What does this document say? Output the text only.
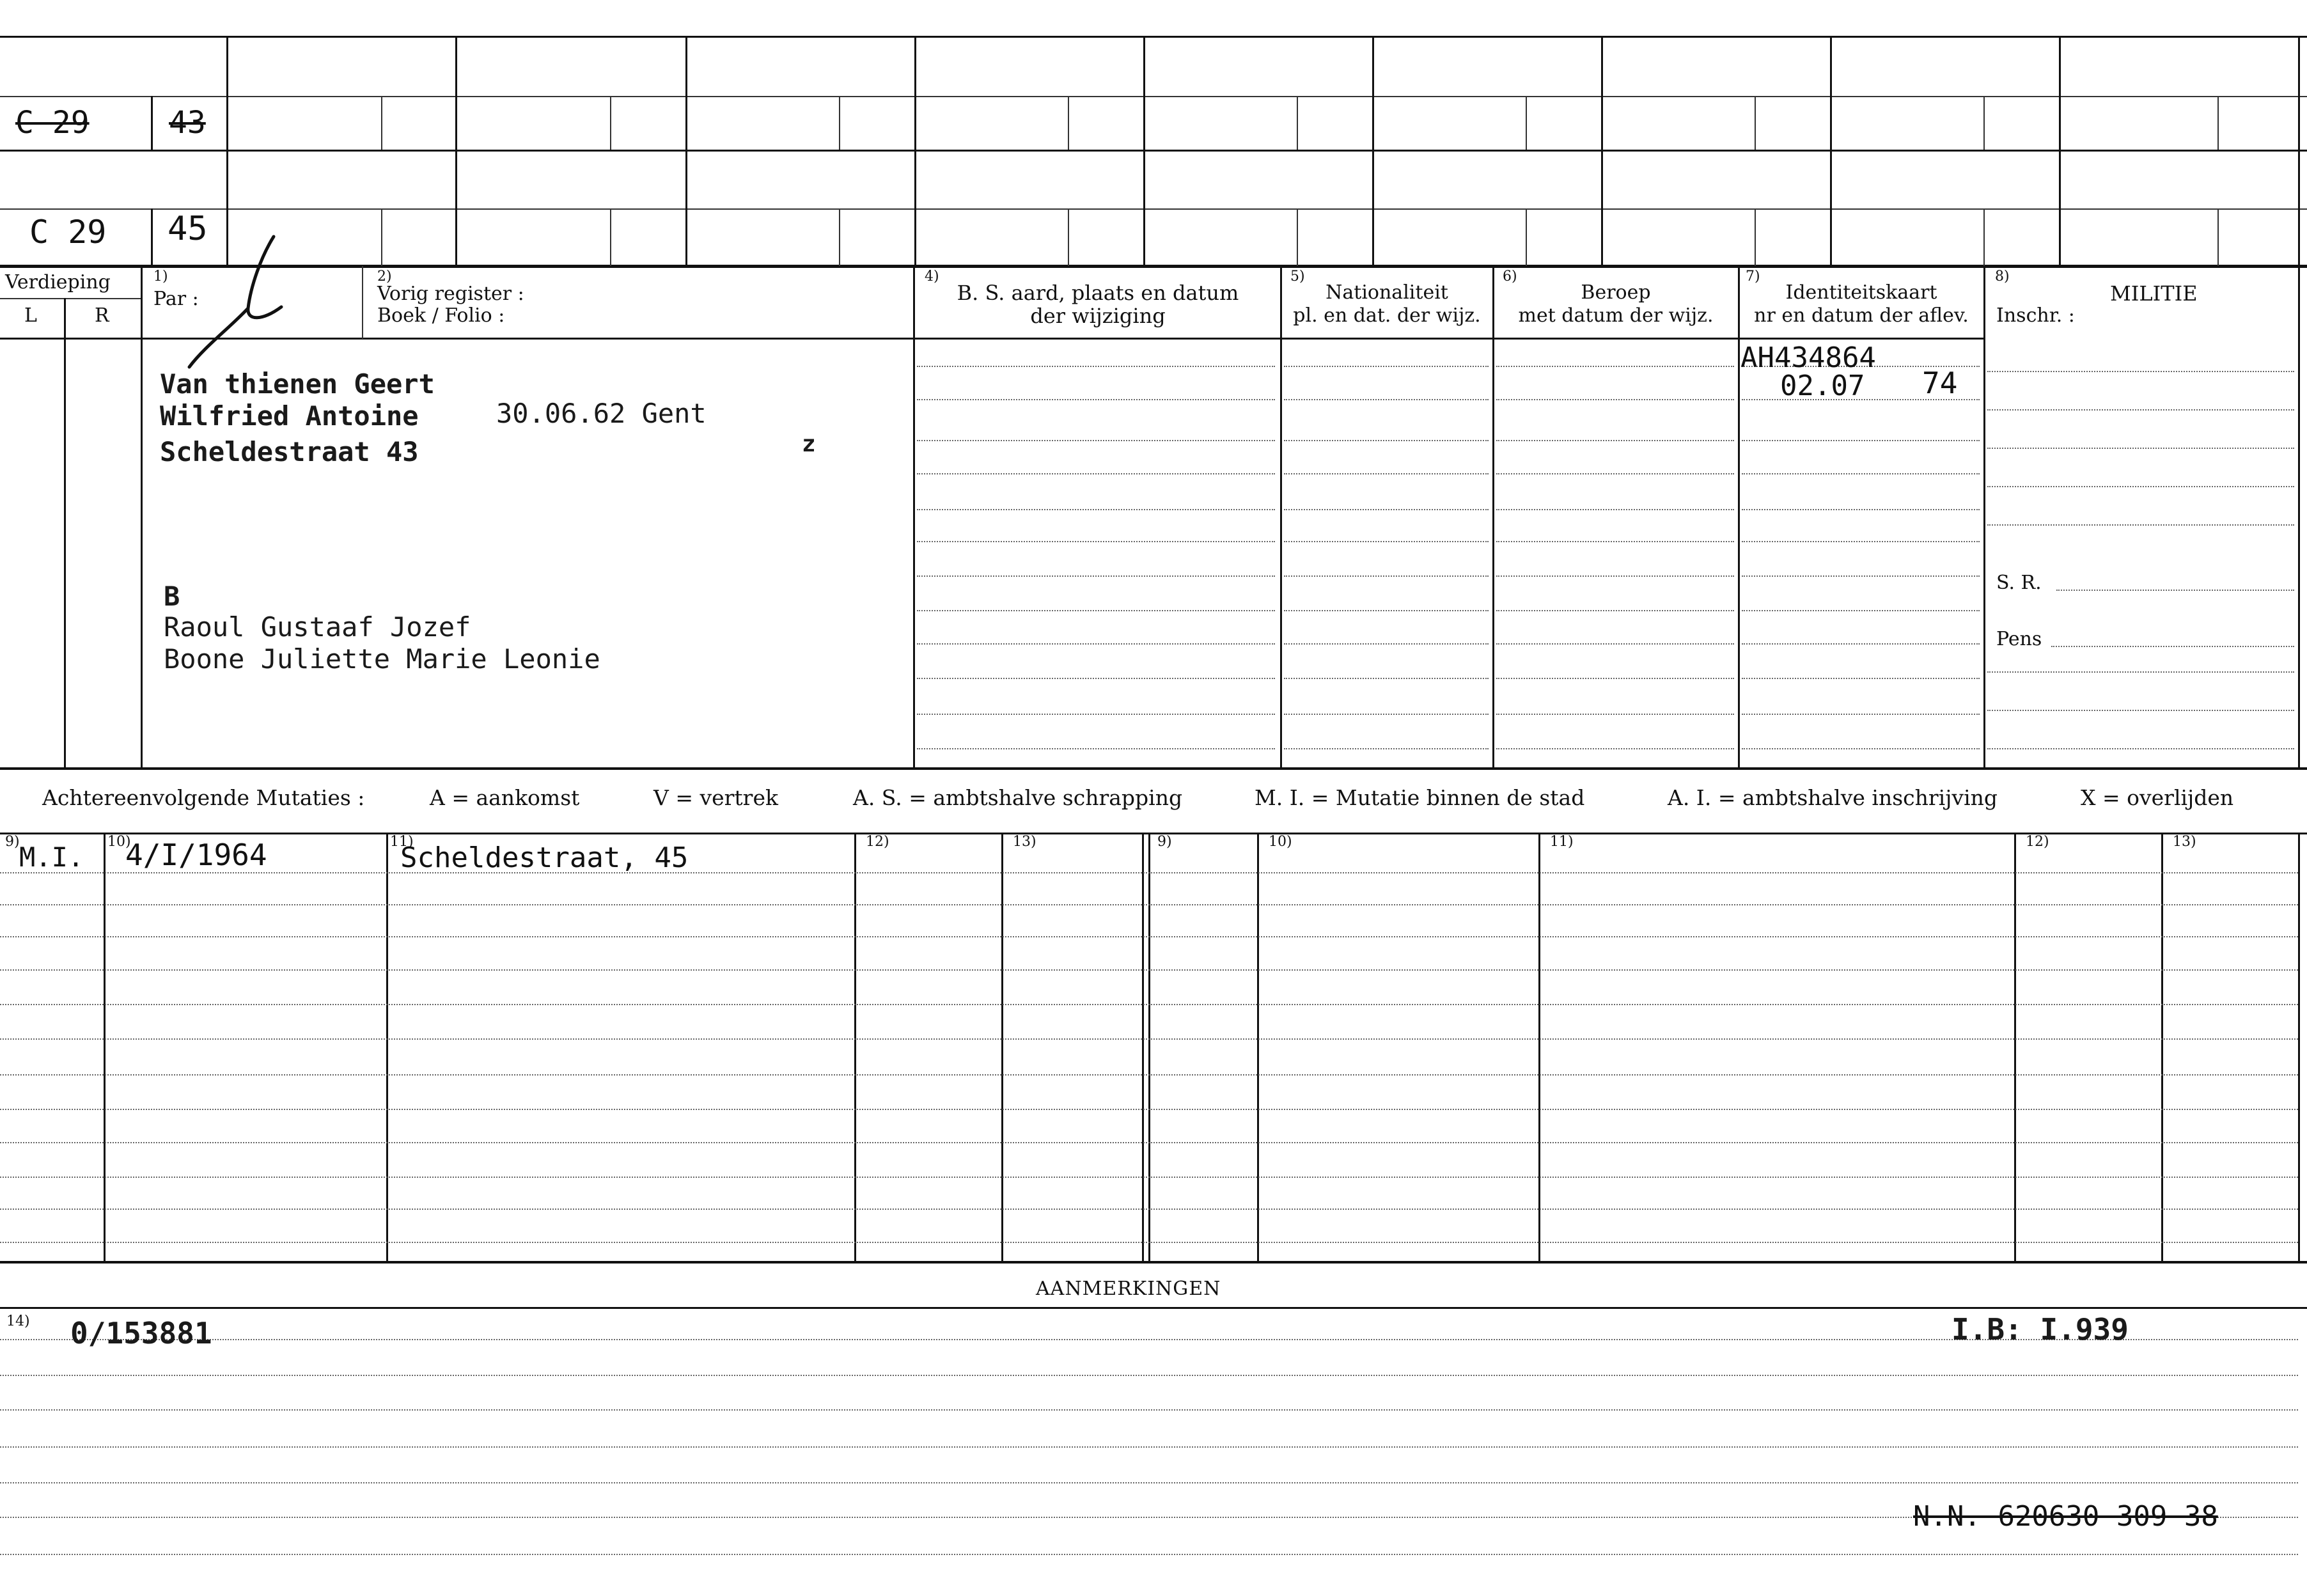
C 29	43
C 29 45
Verdieping
L	R
1)
Par :
2)
Vorig register :
Boek / Folio :
4)
B. S. aard, plaats en datum
der wijziging
5)
Nationaliteit
pl. en dat. der wijz.
6)
Beroep
met datum der wijz.
7)
Identiteitskaart
nr en datum der aflev.
8)
MILITIE
Inschr. :
S. R.
Pens
Van thienen Geert
Wilfried Antoine	30.06.62 Gent
Scheldestraat 43	z
B
Raoul Gustaaf Jozef
Boone Juliette Marie Leonie
AH434864
02.07 74
Achtereenvolgende Mutaties :	A = aankomst	V = vertrek	A. S. = ambtshalve schrapping	M. I. = Mutatie binnen de stad	A. I. = ambtshalve inschrijving	X = overlijden
9)	10)	11)	12)	13)	9)	10)	11)	12)	13)
M.I. 4/I/1964	Scheldestraat, 45
AANMERKINGEN
14) 0/153881	I.B: I.939
N.N. 620630 309 38
